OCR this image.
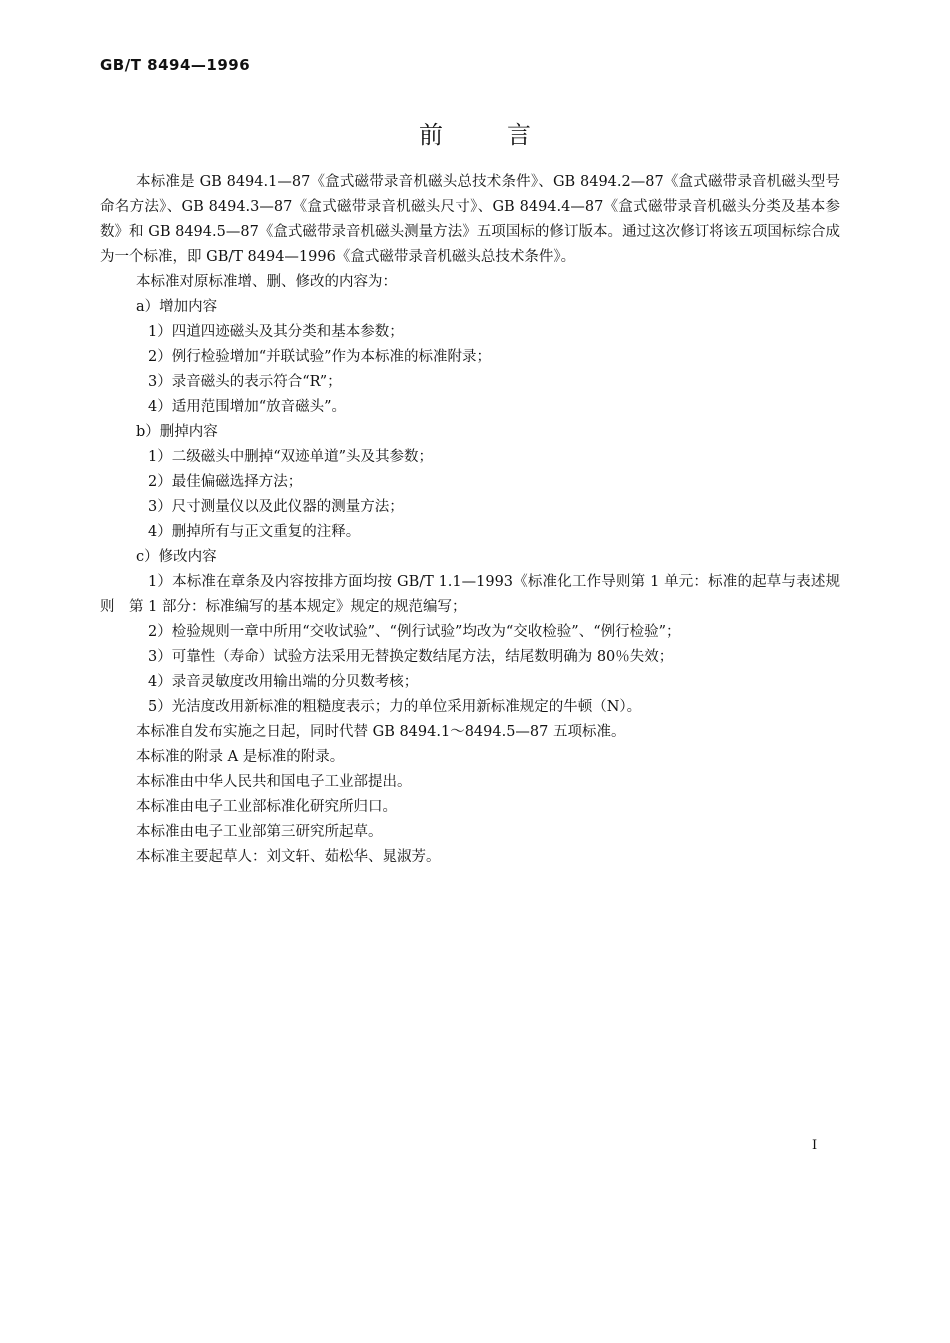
GB/T 8494—1996
前言

本标准是 GB 8494.1—87《盒式磁带录音机磁头总技术条件》、GB 8494.2—87《盒式磁带录音机磁头型号命名方法》、GB 8494.3—87《盒式磁带录音机磁头尺寸》、GB 8494.4—87《盒式磁带录音机磁头分类及基本参数》和 GB 8494.5—87《盒式磁带录音机磁头测量方法》五项国标的修订版本。通过这次修订将该五项国标综合成为一个标准，即 GB/T 8494—1996《盒式磁带录音机磁头总技术条件》。

本标准对原标准增、删、修改的内容为：

a）增加内容

1）四道四迹磁头及其分类和基本参数；

2）例行检验增加“并联试验”作为本标准的标准附录；

3）录音磁头的表示符合“R”；

4）适用范围增加“放音磁头”。

b）删掉内容

1）二级磁头中删掉“双迹单道”头及其参数；

2）最佳偏磁选择方法；

3）尺寸测量仪以及此仪器的测量方法；

4）删掉所有与正文重复的注释。

c）修改内容

1）本标准在章条及内容按排方面均按 GB/T 1.1—1993《标准化工作导则第 1 单元：标准的起草与表述规则　第 1 部分：标准编写的基本规定》规定的规范编写；

2）检验规则一章中所用“交收试验”、“例行试验”均改为“交收检验”、“例行检验”；

3）可靠性（寿命）试验方法采用无替换定数结尾方法，结尾数明确为 80％失效；

4）录音灵敏度改用输出端的分贝数考核；

5）光洁度改用新标准的粗糙度表示；力的单位采用新标准规定的牛顿（N）。

本标准自发布实施之日起，同时代替 GB 8494.1～8494.5—87 五项标准。

本标准的附录 A 是标准的附录。

本标准由中华人民共和国电子工业部提出。

本标准由电子工业部标准化研究所归口。

本标准由电子工业部第三研究所起草。

本标准主要起草人：刘文轩、茹松华、晁淑芳。

I
